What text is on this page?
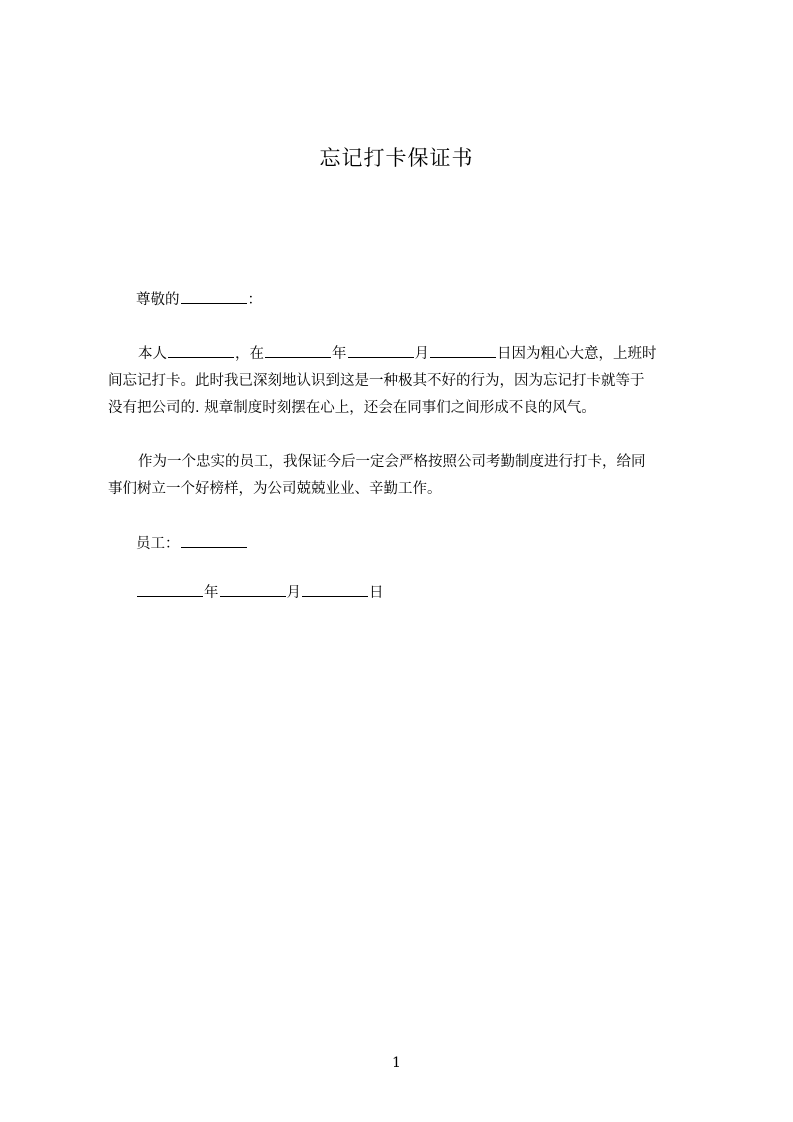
忘记打卡保证书

尊敬的	：

本人	，在	年	月	日因为粗心大意，上班时
间忘记打卡。此时我已深刻地认识到这是一种极其不好的行为，因为忘记打卡就等于
没有把公司的. 规章制度时刻摆在心上，还会在同事们之间形成不良的风气。

作为一个忠实的员工，我保证今后一定会严格按照公司考勤制度进行打卡，给同
事们树立一个好榜样，为公司兢兢业业、辛勤工作。

员工：

年	月	日

1
